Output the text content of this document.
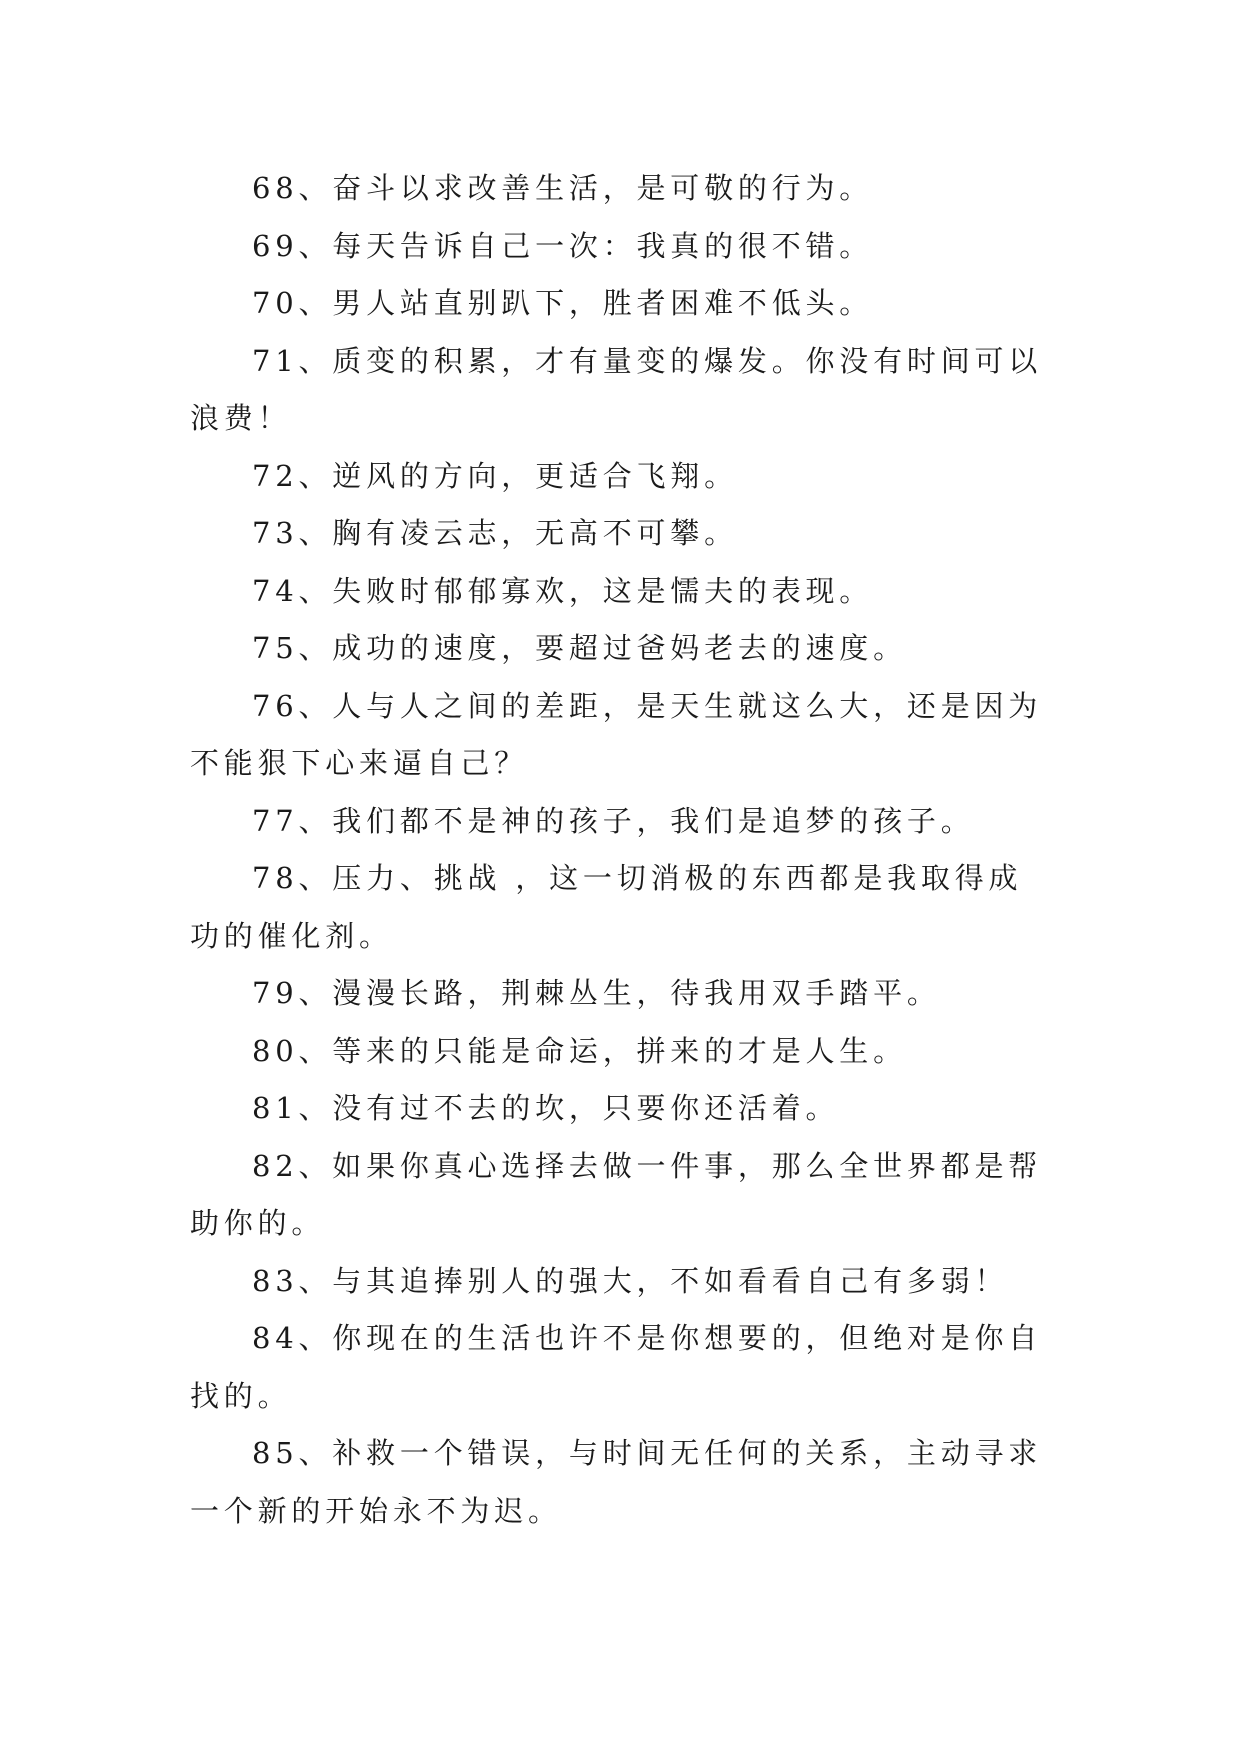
68、奋斗以求改善生活，是可敬的行为。

69、每天告诉自己一次：我真的很不错。

70、男人站直别趴下，胜者困难不低头。

71、质变的积累，才有量变的爆发。你没有时间可以浪费！

72、逆风的方向，更适合飞翔。

73、胸有凌云志，无高不可攀。

74、失败时郁郁寡欢，这是懦夫的表现。

75、成功的速度，要超过爸妈老去的速度。

76、人与人之间的差距，是天生就这么大，还是因为不能狠下心来逼自己？

77、我们都不是神的孩子，我们是追梦的孩子。

78、压力、挑战 ，这一切消极的东西都是我取得成功的催化剂。

79、漫漫长路，荆棘丛生，待我用双手踏平。

80、等来的只能是命运，拼来的才是人生。

81、没有过不去的坎，只要你还活着。

82、如果你真心选择去做一件事，那么全世界都是帮助你的。

83、与其追捧别人的强大，不如看看自己有多弱！

84、你现在的生活也许不是你想要的，但绝对是你自找的。

85、补救一个错误，与时间无任何的关系，主动寻求一个新的开始永不为迟。
